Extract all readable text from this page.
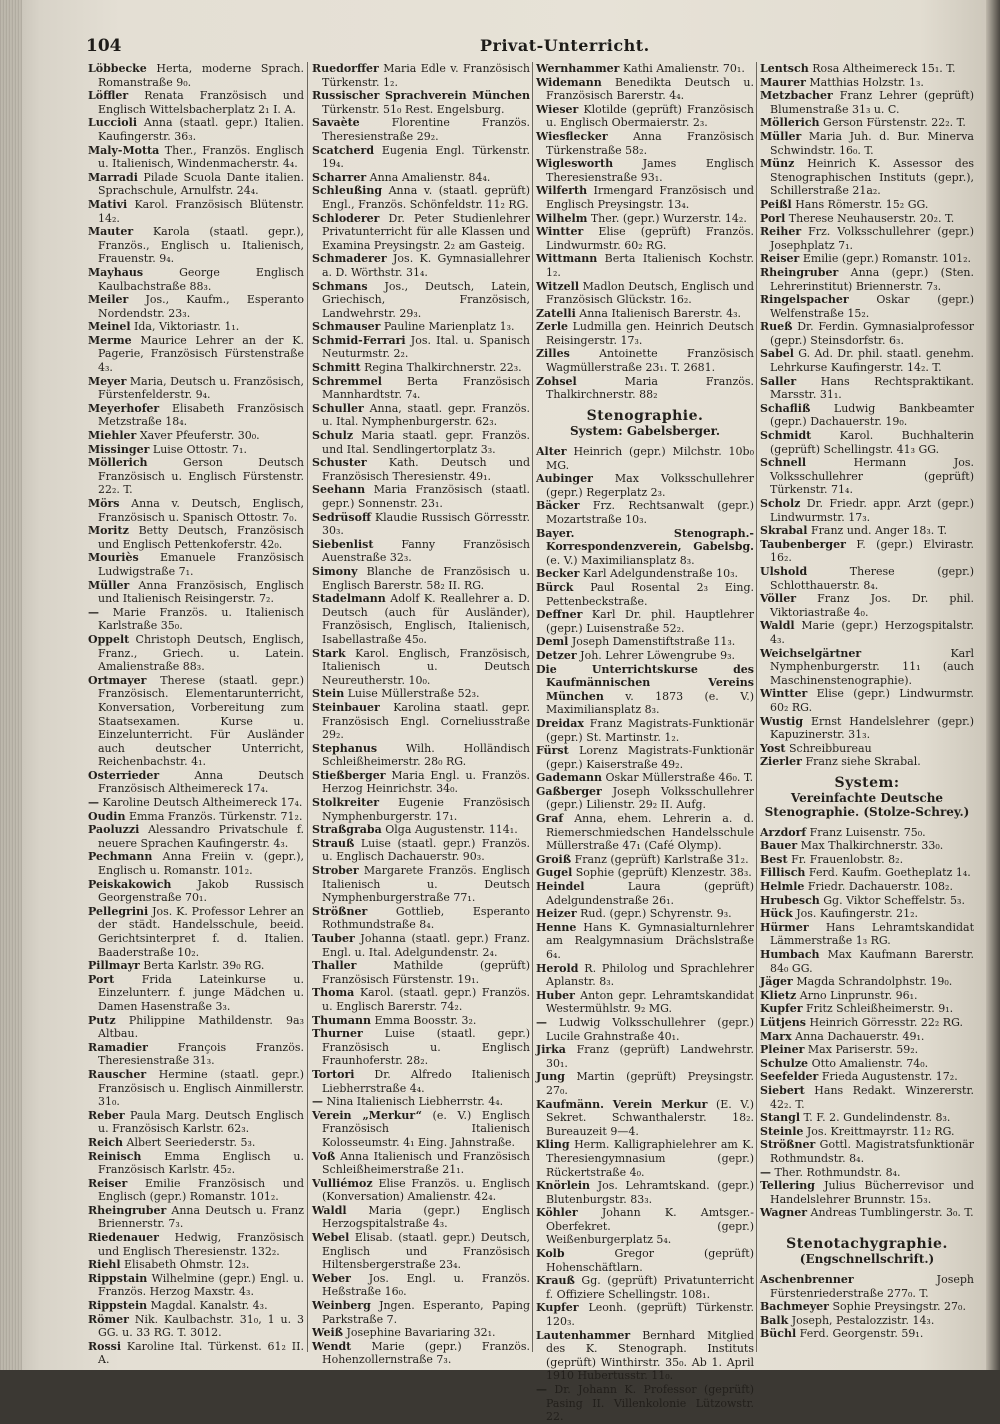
104	Privat-Unterricht.

Löbbecke Herta, moderne Sprach. Romanstraße 9₀.

Löffler Renata Französisch und Englisch Wittelsbacherplatz 2₁ I. A.

Luccioli Anna (staatl. gepr.) Italien. Kaufingerstr. 36₃.

Maly-Motta Ther., Französ. Englisch u. Italienisch, Windenmacherstr. 4₄.

Marradi Pilade Scuola Dante italien. Sprachschule, Arnulfstr. 24₄.

Mativi Karol. Französisch Blütenstr. 14₂.

Mauter Karola (staatl. gepr.), Französ., Englisch u. Italienisch, Frauenstr. 9₄.

Mayhaus	George Englisch Kaulbachstraße 88₃.

Meiler Jos., Kaufm., Esperanto Nordendstr. 23₃.

Meinel Ida, Viktoriastr. 1₁.

Merme Maurice Lehrer an der K. Pagerie, Französisch Fürstenstraße 4₃.

Meyer Maria, Deutsch u. Französisch, Fürstenfelderstr. 9₄.

Meyerhofer Elisabeth Französisch Metzstraße 18₄.

Miehler Xaver Pfeuferstr. 30₀.

Missinger Luise Ottostr. 7₁.

Möllerich	Gerson Deutsch Französisch u. Englisch Fürstenstr. 22₂. T.

Mörs Anna v. Deutsch, Englisch, Französisch u. Spanisch Ottostr. 7₀.

Moritz Betty Deutsch, Französisch und Englisch Pettenkoferstr. 42₀.

Mouriès Emanuele Französisch Ludwigstraße 7₁.

Müller Anna Französisch, Englisch und Italienisch Reisingerstr. 7₂.

— Marie Französ. u. Italienisch Karlstraße 35₀.

Oppelt Christoph Deutsch, Englisch, Franz., Griech. u. Latein. Amalienstraße 88₃.

Ortmayer Therese (staatl. gepr.) Französisch. Elementarunterricht, Konversation, Vorbereitung zum Staatsexamen. Kurse u. Einzelunterricht. Für Ausländer auch deutscher Unterricht, Reichenbachstr. 4₁.

Osterrieder	Anna Deutsch Französisch Altheimereck 17₄.

— Karoline Deutsch Altheimereck 17₄.

Oudin Emma Französ. Türkenstr. 71₂.

Paoluzzi Alessandro Privatschule f. neuere Sprachen Kaufingerstr. 4₃.

Pechmann Anna Freiin v. (gepr.), Englisch u. Romanstr. 101₂.

Peiskakowich Jakob Russisch Georgenstraße 70₁.

Pellegrini Jos. K. Professor Lehrer an der städt. Handelsschule, beeid. Gerichtsinterpret f. d. Italien. Baaderstraße 10₂.

Pillmayr Berta Karlstr. 39₀ RG.

Port	Frida Lateinkurse u. Einzelunterr. f. junge Mädchen u. Damen Hasenstraße 3₃.

Putz Philippine Mathildenstr. 9a₃ Altbau.

Ramadier	François Französ. Theresienstraße 31₃.

Rauscher Hermine (staatl. gepr.) Französisch u. Englisch Ainmillerstr. 31₀.

Reber Paula Marg. Deutsch Englisch u. Französisch Karlstr. 62₃.

Reich Albert Seeriederstr. 5₃.

Reinisch Emma Englisch u. Französisch Karlstr. 45₂.

Reiser Emilie Französisch und Englisch (gepr.) Romanstr. 101₂.

Rheingruber Anna Deutsch u. Franz Briennerstr. 7₃.

Riedenauer Hedwig, Französisch und Englisch Theresienstr. 132₂.

Riehl Elisabeth Ohmstr. 12₃.

Rippstain Wilhelmine (gepr.) Engl. u. Französ. Herzog Maxstr. 4₃.

Rippstein Magdal. Kanalstr. 4₃.

Römer Nik. Kaulbachstr. 31₀, 1 u. 3 GG. u. 33 RG. T. 3012.

Rossi Karoline Ital. Türkenst. 61₂ II. A.

Ruedorffer Maria Edle v. Französisch Türkenstr. 1₂.

Russischer Sprachverein München Türkenstr. 51₀ Rest. Engelsburg.

Savaète	Florentine Französ. Theresienstraße 29₂.

Scatcherd Eugenia Engl. Türkenstr. 19₄.

Scharrer Anna Amalienstr. 84₄.

Schleußing Anna v. (staatl. geprüft) Engl., Französ. Schönfeldstr. 11₂ RG.

Schloderer Dr. Peter Studienlehrer Privatunterricht für alle Klassen und Examina Preysingstr. 2₂ am Gasteig.

Schmaderer Jos. K. Gymnasiallehrer a. D. Wörthstr. 31₄.

Schmans Jos., Deutsch, Latein, Griechisch, Französisch, Landwehrstr. 29₃.

Schmauser Pauline Marienplatz 1₃.

Schmid-Ferrari Jos. Ital. u. Spanisch Neuturmstr. 2₂.

Schmitt Regina Thalkirchnerstr. 22₃.

Schremmel Berta Französisch Mannhardtstr. 7₄.

Schuller Anna, staatl. gepr. Französ. u. Ital. Nymphenburgerstr. 62₃.

Schulz Maria staatl. gepr. Französ. und Ital. Sendlingertorplatz 3₃.

Schuster Kath. Deutsch und Französisch Theresienstr. 49₁.

Seehann Maria Französisch (staatl. gepr.) Sonnenstr. 23₁.

Sedrüsoff Klaudie Russisch Görresstr. 30₃.

Siebenlist	Fanny Französisch Auenstraße 32₃.

Simony Blanche de Französisch u. Englisch Barerstr. 58₂ II. RG.

Stadelmann Adolf K. Reallehrer a. D. Deutsch (auch für Ausländer), Französisch, Englisch, Italienisch, Isabellastraße 45₀.

Stark Karol. Englisch, Französisch, Italienisch u. Deutsch Neureutherstr. 10₀.

Stein Luise Müllerstraße 52₃.

Steinbauer Karolina staatl. gepr. Französisch Engl. Corneliusstraße 29₂.

Stephanus	Wilh. Holländisch Schleißheimerstr. 28₀ RG.

Stießberger Maria Engl. u. Französ. Herzog Heinrichstr. 34₀.

Stolkreiter Eugenie Französisch Nymphenburgerstr. 17₁.

Straßgraba Olga Augustenstr. 114₁.

Strauß Luise (staatl. gepr.) Französ. u. Englisch Dachauerstr. 90₃.

Strober Margarete Französ. Englisch Italienisch u. Deutsch Nymphenburgerstraße 77₁.

Strößner	Gottlieb, Esperanto Rothmundstraße 8₄.

Tauber Johanna (staatl. gepr.) Franz. Engl. u. Ital. Adelgundenstr. 2₄.

Thaller	Mathilde (geprüft) Französisch Fürstenstr. 19₁.

Thoma Karol. (staatl. gepr.) Französ. u. Englisch Barerstr. 74₂.

Thumann Emma Boosstr. 3₂.

Thurner Luise (staatl. gepr.) Französisch u. Englisch Fraunhoferstr. 28₂.

Tortori Dr. Alfredo Italienisch Liebherrstraße 4₄.

— Nina Italienisch Liebherrstr. 4₄.

Verein „Merkur“ (e. V.) Englisch Französisch Italienisch Kolosseumstr. 4₁ Eing. Jahnstraße.

Voß Anna Italienisch und Französisch Schleißheimerstraße 21₁.

Vulliémoz Elise Französ. u. Englisch (Konversation) Amalienstr. 42₄.

Waldl Maria (gepr.) Englisch Herzogspitalstraße 4₃.

Webel Elisab. (staatl. gepr.) Deutsch, Englisch und Französisch Hiltensbergerstraße 23₄.

Weber Jos. Engl. u. Französ. Heßstraße 16₀.

Weinberg Jngen. Esperanto, Paping Parkstraße 7.

Weiß Josephine Bavariaring 32₁.

Wendt Marie (gepr.) Französ. Hohenzollernstraße 7₃.

Wernhammer Kathi Amalienstr. 70₁.

Widemann Benedikta Deutsch u. Französisch Barerstr. 4₄.

Wieser Klotilde (geprüft) Französisch u. Englisch Obermaierstr. 2₃.

Wiesflecker Anna Französisch Türkenstraße 58₂.

Wiglesworth	James Englisch Theresienstraße 93₁.

Wilferth Irmengard Französisch und Englisch Preysingstr. 13₄.

Wilhelm Ther. (gepr.) Wurzerstr. 14₂.

Wintter Elise (geprüft) Französ. Lindwurmstr. 60₂ RG.

Wittmann Berta Italienisch Kochstr. 1₂.

Witzell Madlon Deutsch, Englisch und Französisch Glückstr. 16₂.

Zatelli Anna Italienisch Barerstr. 4₃.

Zerle Ludmilla gen. Heinrich Deutsch Reisingerstr. 17₃.

Zilles	Antoinette Französisch Wagmüllerstraße 23₁. T. 2681.

Zohsel	Maria Französ. Thalkirchnerstr. 88₂

Stenographie.
System: Gabelsberger.

Alter Heinrich (gepr.) Milchstr. 10b₀ MG.

Aubinger Max Volksschullehrer (gepr.) Regerplatz 2₃.

Bäcker Frz. Rechtsanwalt (gepr.) Mozartstraße 10₃.

Bayer. Stenograph.-Korrespondenzverein, Gabelsbg. (e. V.) Maximiliansplatz 8₃.

Becker Karl Adelgundenstraße 10₃.

Bürck Paul Rosental 2₃ Eing. Pettenbeckstraße.

Deffner Karl Dr. phil. Hauptlehrer (gepr.) Luisenstraße 52₂.

Deml Joseph Damenstiftstraße 11₃.

Detzer Joh. Lehrer Löwengrube 9₃.

Die Unterrichtskurse des Kaufmännischen Vereins München v. 1873 (e. V.) Maximiliansplatz 8₃.

Dreidax Franz Magistrats-Funktionär (gepr.) St. Martinstr. 1₂.

Fürst Lorenz Magistrats-Funktionär (gepr.) Kaiserstraße 49₂.

Gademann Oskar Müllerstraße 46₀. T.

Gaßberger Joseph Volksschullehrer (gepr.) Lilienstr. 29₂ II. Aufg.

Graf Anna, ehem. Lehrerin a. d. Riemerschmiedschen Handelsschule Müllerstraße 47₁ (Café Olymp).

Groiß Franz (geprüft) Karlstraße 31₂.

Gugel Sophie (geprüft) Klenzestr. 38₃.

Heindel	Laura (geprüft) Adelgundenstraße 26₁.

Heizer Rud. (gepr.) Schyrenstr. 9₃.

Henne Hans K. Gymnasialturnlehrer am Realgymnasium Drächslstraße 6₄.

Herold R. Philolog und Sprachlehrer Aplanstr. 8₃.

Huber Anton gepr. Lehramtskandidat Westermühlstr. 9₂ MG.

— Ludwig Volksschullehrer (gepr.) Lucile Grahnstraße 40₁.

Jirka Franz (geprüft) Landwehrstr. 30₁.

Jung Martin (geprüft) Preysingstr. 27₀.

Kaufmänn. Verein Merkur (E. V.) Sekret. Schwanthalerstr. 18₂. Bureauzeit 9—4.

Kling Herm. Kalligraphielehrer am K. Theresiengymnasium (gepr.) Rückertstraße 4₀.

Knörlein Jos. Lehramtskand. (gepr.) Blutenburgstr. 83₃.

Köhler Johann K. Amtsger.-Oberfekret. (gepr.) Weißenburgerplatz 5₄.

Kolb	Gregor (geprüft) Hohenschäftlarn.

Krauß Gg. (geprüft) Privatunterricht f. Offiziere Schellingstr. 108₁.

Kupfer Leonh. (geprüft) Türkenstr. 120₃.

Lautenhammer Bernhard Mitglied des K. Stenograph. Instituts (geprüft) Winthirstr. 35₀. Ab 1. April 1910 Hubertusstr. 11₀.

— Dr. Johann K. Professor (geprüft) Pasing II. Villenkolonie Lützowstr. 22.

Lentsch Rosa Altheimereck 15₁. T.

Maurer Matthias Holzstr. 1₃.

Metzbacher Franz Lehrer (geprüft) Blumenstraße 31₃ u. C.

Möllerich Gerson Fürstenstr. 22₂. T.

Müller Maria Juh. d. Bur. Minerva Schwindstr. 16₀. T.

Münz Heinrich K. Assessor des Stenographischen Instituts (gepr.), Schillerstraße 21a₂.

Peißl Hans Römerstr. 15₂ GG.

Porl Therese Neuhauserstr. 20₂. T.

Reiher Frz. Volksschullehrer (gepr.) Josephplatz 7₁.

Reiser Emilie (gepr.) Romanstr. 101₂.

Rheingruber Anna (gepr.) (Sten. Lehrerinstitut) Briennerstr. 7₃.

Ringelspacher	Oskar (gepr.) Welfenstraße 15₂.

Rueß Dr. Ferdin. Gymnasialprofessor (gepr.) Steinsdorfstr. 6₃.

Sabel G. Ad. Dr. phil. staatl. genehm. Lehrkurse Kaufingerstr. 14₂. T.

Saller Hans Rechtspraktikant. Marsstr. 31₁.

Schafliß Ludwig Bankbeamter (gepr.) Dachauerstr. 19₀.

Schmidt	Karol. Buchhalterin (geprüft) Schellingstr. 41₃ GG.

Schnell	Hermann Jos. Volksschullehrer (geprüft) Türkenstr. 71₄.

Scholz Dr. Friedr. appr. Arzt (gepr.) Lindwurmstr. 17₃.

Skrabal Franz und. Anger 18₃. T.

Taubenberger F. (gepr.) Elvirastr. 16₂.

Ulshold	Therese (gepr.) Schlotthauerstr. 8₄.

Völler Franz Jos. Dr. phil. Viktoriastraße 4₀.

Waldl Marie (gepr.) Herzogspitalstr. 4₃.

Weichselgärtner	Karl Nymphenburgerstr. 11₁ (auch Maschinenstenographie).

Wintter Elise (gepr.) Lindwurmstr. 60₂ RG.

Wustig Ernst Handelslehrer (gepr.) Kapuzinerstr. 31₃.

Yost Schreibbureau

Zierler Franz siehe Skrabal.

System:
Vereinfachte Deutsche Stenographie. (Stolze-Schrey.)

Arzdorf Franz Luisenstr. 75₀.

Bauer Max Thalkirchnerstr. 33₀.

Best Fr. Frauenlobstr. 8₂.

Fillisch Ferd. Kaufm. Goetheplatz 1₄.

Helmle Friedr. Dachauerstr. 108₂.

Hrubesch Gg. Viktor Scheffelstr. 5₃.

Hück Jos. Kaufingerstr. 21₂.

Hürmer Hans Lehramtskandidat Lämmerstraße 1₃ RG.

Humbach Max Kaufmann Barerstr. 84₀ GG.

Jäger Magda Schrandolphstr. 19₀.

Klietz Arno Linprunstr. 96₁.

Kupfer Fritz Schleißheimerstr. 9₁.

Lütjens Heinrich Görresstr. 22₂ RG.

Marx Anna Dachauerstr. 49₁.

Pleiner Max Pariserstr. 59₂.

Schulze Otto Amalienstr. 74₀.

Seefelder Frieda Augustenstr. 17₂.

Siebert Hans Redakt. Winzererstr. 42₂. T.

Stangl T. F. 2. Gundelindenstr. 8₃.

Steinle Jos. Kreittmayrstr. 11₂ RG.

Strößner Gottl. Magistratsfunktionär Rothmundstr. 8₄.

— Ther. Rothmundstr. 8₄.

Tellering Julius Bücherrevisor und Handelslehrer Brunnstr. 15₃.

Wagner Andreas Tumblingerstr. 3₀. T.

Stenotachygraphie.
(Engschnellschrift.)

Aschenbrenner	Joseph Fürstenriederstraße 277₀. T.

Bachmeyer Sophie Preysingstr. 27₀.

Balk Joseph, Pestalozzistr. 14₃.

Büchl Ferd. Georgenstr. 59₁.
